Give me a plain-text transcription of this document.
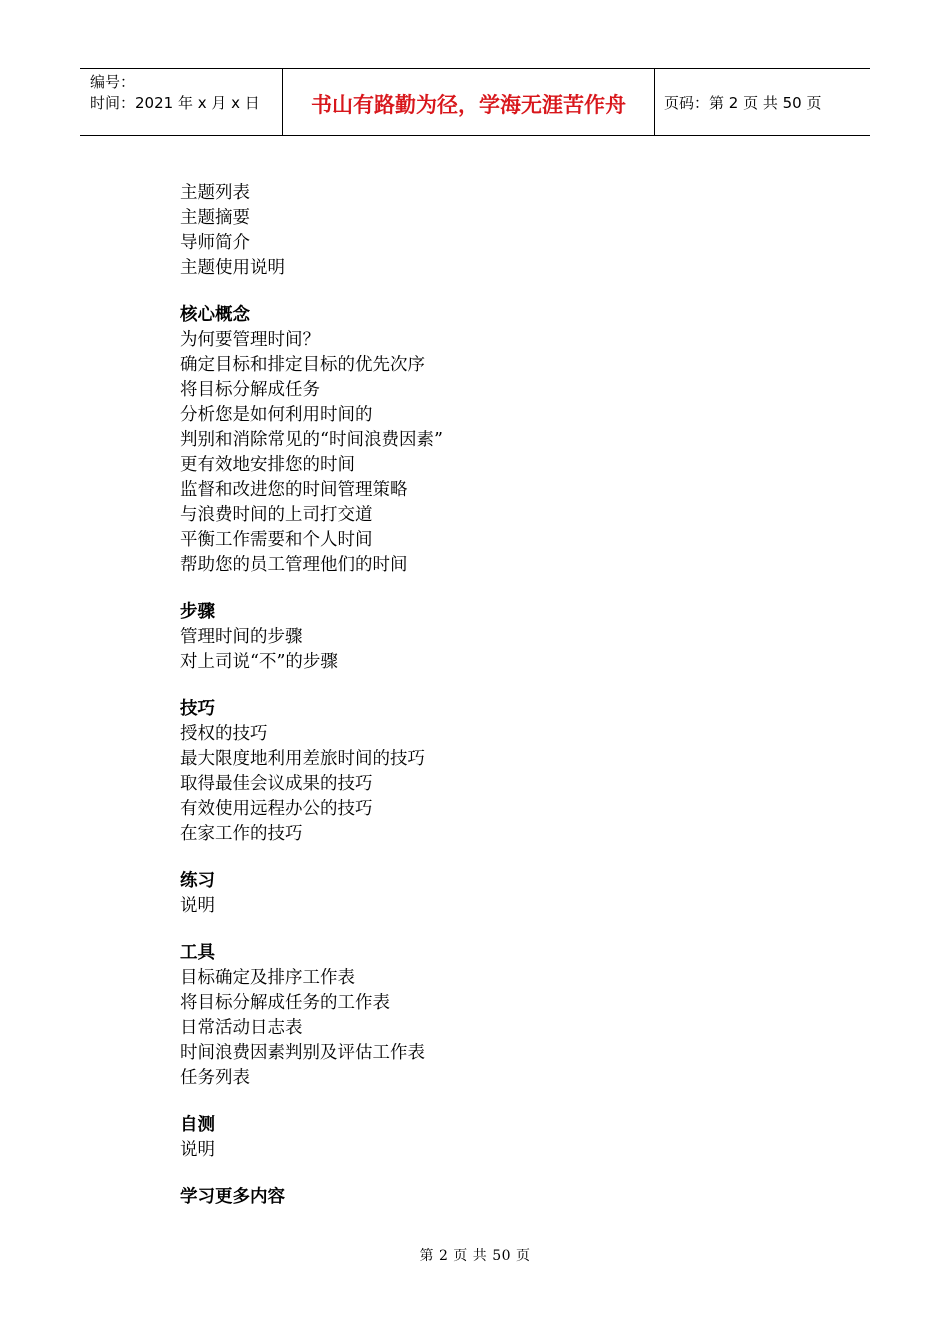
编号：
时间：2021 年 x 月 x 日	书山有路勤为径，学海无涯苦作舟	页码：第 2 页 共 50 页
主题列表
主题摘要
导师简介
主题使用说明
核心概念
为何要管理时间？
确定目标和排定目标的优先次序
将目标分解成任务
分析您是如何利用时间的
判别和消除常见的“时间浪费因素”
更有效地安排您的时间
监督和改进您的时间管理策略
与浪费时间的上司打交道
平衡工作需要和个人时间
帮助您的员工管理他们的时间
步骤
管理时间的步骤
对上司说“不”的步骤
技巧
授权的技巧
最大限度地利用差旅时间的技巧
取得最佳会议成果的技巧
有效使用远程办公的技巧
在家工作的技巧
练习
说明
工具
目标确定及排序工作表
将目标分解成任务的工作表
日常活动日志表
时间浪费因素判别及评估工作表
任务列表
自测
说明
学习更多内容
第 2 页 共 50 页
